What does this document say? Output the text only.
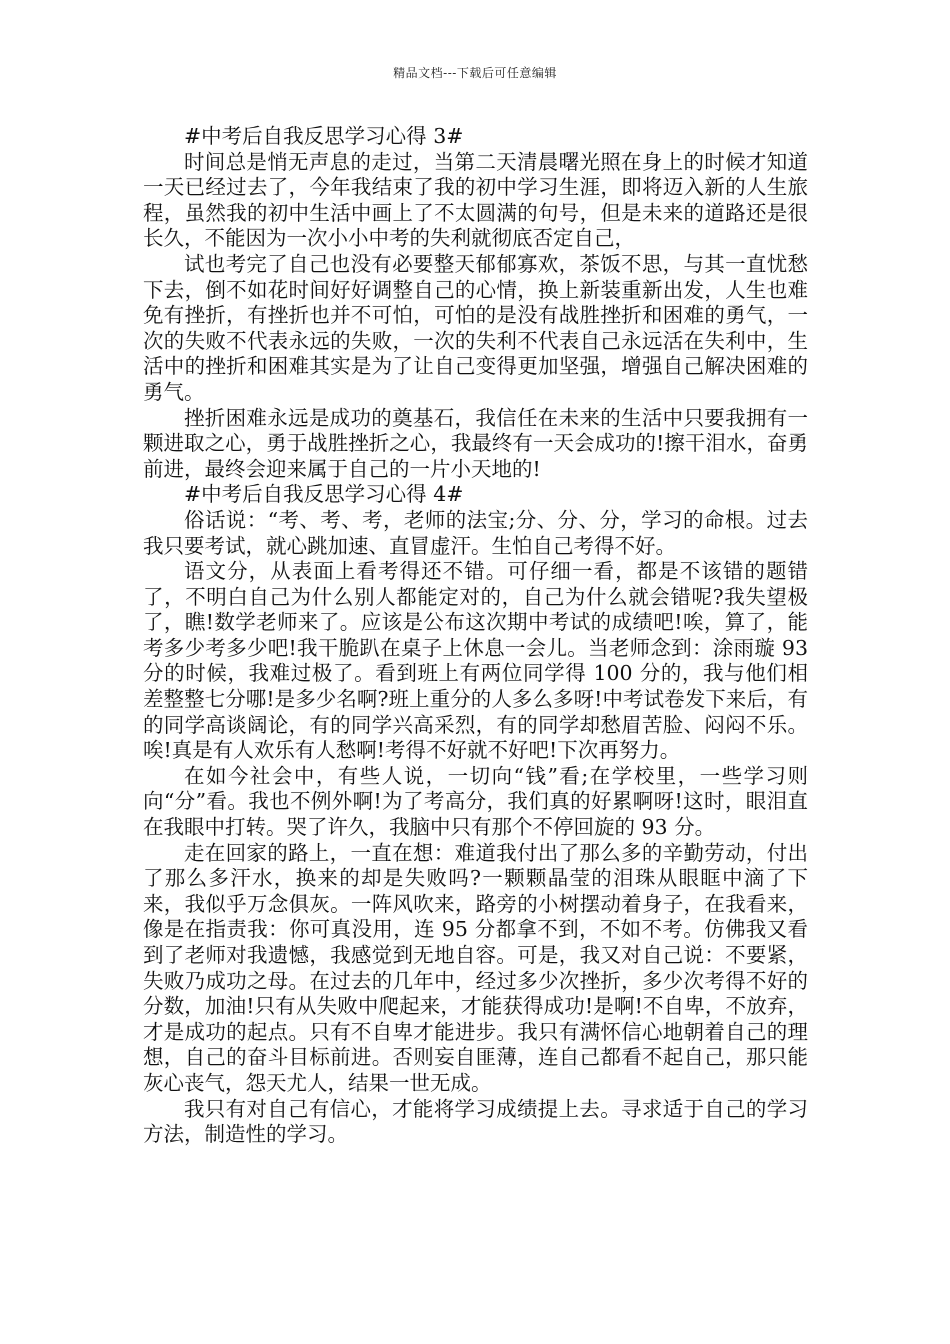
精品文档---下载后可任意编辑

#中考后自我反思学习心得 3#

时间总是悄无声息的走过，当第二天清晨曙光照在身上的时候才知道一天已经过去了，今年我结束了我的初中学习生涯，即将迈入新的人生旅程，虽然我的初中生活中画上了不太圆满的句号，但是未来的道路还是很长久，不能因为一次小小中考的失利就彻底否定自己，

试也考完了自己也没有必要整天郁郁寡欢，茶饭不思，与其一直忧愁下去，倒不如花时间好好调整自己的心情，换上新装重新出发，人生也难免有挫折，有挫折也并不可怕，可怕的是没有战胜挫折和困难的勇气，一次的失败不代表永远的失败，一次的失利不代表自己永远活在失利中，生活中的挫折和困难其实是为了让自己变得更加坚强，增强自己解决困难的勇气。

挫折困难永远是成功的奠基石，我信任在未来的生活中只要我拥有一颗进取之心，勇于战胜挫折之心，我最终有一天会成功的!擦干泪水，奋勇前进，最终会迎来属于自己的一片小天地的!

#中考后自我反思学习心得 4#

俗话说：“考、考、考，老师的法宝;分、分、分，学习的命根。过去我只要考试，就心跳加速、直冒虚汗。生怕自己考得不好。

语文分，从表面上看考得还不错。可仔细一看，都是不该错的题错了，不明白自己为什么别人都能定对的，自己为什么就会错呢?我失望极了，瞧!数学老师来了。应该是公布这次期中考试的成绩吧!唉，算了，能考多少考多少吧!我干脆趴在桌子上休息一会儿。当老师念到：涂雨璇 93 分的时候，我难过极了。看到班上有两位同学得 100 分的，我与他们相差整整七分哪!是多少名啊?班上重分的人多么多呀!中考试卷发下来后，有的同学高谈阔论，有的同学兴高采烈，有的同学却愁眉苦脸、闷闷不乐。唉!真是有人欢乐有人愁啊!考得不好就不好吧!下次再努力。

在如今社会中，有些人说，一切向“钱”看;在学校里，一些学习则向“分”看。我也不例外啊!为了考高分，我们真的好累啊呀!这时，眼泪直在我眼中打转。哭了许久，我脑中只有那个不停回旋的 93 分。

走在回家的路上，一直在想：难道我付出了那么多的辛勤劳动，付出了那么多汗水，换来的却是失败吗?一颗颗晶莹的泪珠从眼眶中滴了下来，我似乎万念俱灰。一阵风吹来，路旁的小树摆动着身子，在我看来，像是在指责我：你可真没用，连 95 分都拿不到，不如不考。仿佛我又看到了老师对我遗憾，我感觉到无地自容。可是，我又对自己说：不要紧，失败乃成功之母。在过去的几年中，经过多少次挫折，多少次考得不好的分数，加油!只有从失败中爬起来，才能获得成功!是啊!不自卑，不放弃，才是成功的起点。只有不自卑才能进步。我只有满怀信心地朝着自己的理想，自己的奋斗目标前进。否则妄自匪薄，连自己都看不起自己，那只能灰心丧气，怨天尤人，结果一世无成。

我只有对自己有信心，才能将学习成绩提上去。寻求适于自己的学习方法，制造性的学习。
